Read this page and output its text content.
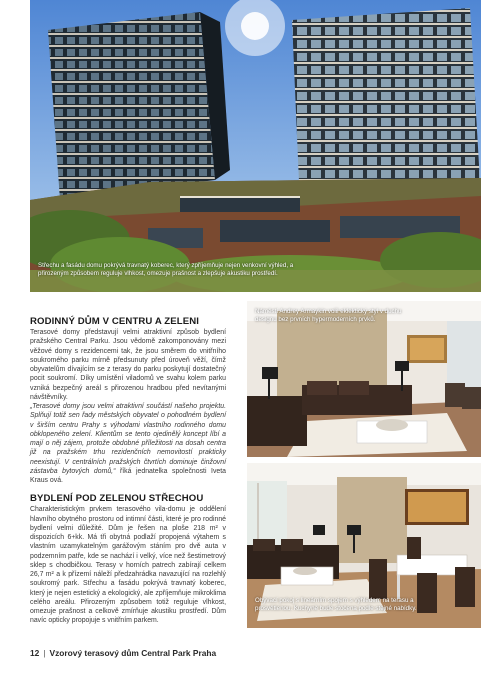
Střechu a fasádu domu pokrývá travnatý koberec, který zpříjemňuje nejen venkovní výhled, a přirozeným způsobem reguluje vlhkost, omezuje prašnost a zlepšuje akustiku prostředí.
Náměstí Andrey Armaykin volil eklektický styl v duchu designu bez prvních hypermoderních prvků.
Obývací pokoj s lineárním spojem s výhledem na terasu a prosvětlenou. Kuchyně bude stočena podle stejné nabídky.
RODINNÝ DŮM V CENTRU A ZELENI

Terasové domy představují velmi atraktivní způsob bydlení pražského Central Parku. Jsou vědomě zakomponovány mezi věžové domy s rezidencemi tak, že jsou směrem do vnitřního soukromého parku mírně předsunuty před úroveň věží, čímž obyvatelům dívajícím se z terasy do parku poskytují dostatečný pocit soukromí. Díky umístění viladomů ve svahu kolem parku vzniká bezpečný areál s přirozenou hradbou před nevítanými návštěvníky.

„Terasové domy jsou velmi atraktivní součástí našeho projektu. Splňují totiž sen řady městských obyvatel o pohodlném bydlení v širším centru Prahy s výhodami vlastního rodinného domu obklopeného zelení. Klientům se tento ojedinělý koncept líbí a mají o něj zájem, protože obdobné příležitosti na dosah centra již na pražském trhu rezidenčních nemovitostí prakticky neexistují. V centrálních pražských čtvrtích dominuje činžovní zástavba bytových domů,“ říká jednatelka společnosti Iveta Kraus ová.

BYDLENÍ POD ZELENOU STŘECHOU

Charakteristickým prvkem terasového vila-domu je oddělení hlavního obytného prostoru od intimní části, které je pro rodinné bydlení velmi důležité. Dům je řešen na ploše 218 m² v dispozicích 6+kk. Má tři obytná podlaží propojená výtahem s vlastním uzamykatelným garážovým stáním pro dvě auta v podzemním patře, kde se nachází i velký, více než šestimetrový sklep s chodbičkou. Terasy v horních patrech zabírají celkem 26,7 m² a k přízemí náleží předzahrádka navazující na rozlehlý soukromý park. Střechu a fasádu pokrývá travnatý koberec, který je nejen estetický a ekologický, ale zpříjemňuje mikroklima celého areálu. Přirozeným způsobem totiž reguluje vlhkost, omezuje prašnost a celkově zmírňuje akustiku prostředí. Dům navíc opticky propojuje s vnitřním parkem.

12 | Vzorový terasový dům Central Park Praha
